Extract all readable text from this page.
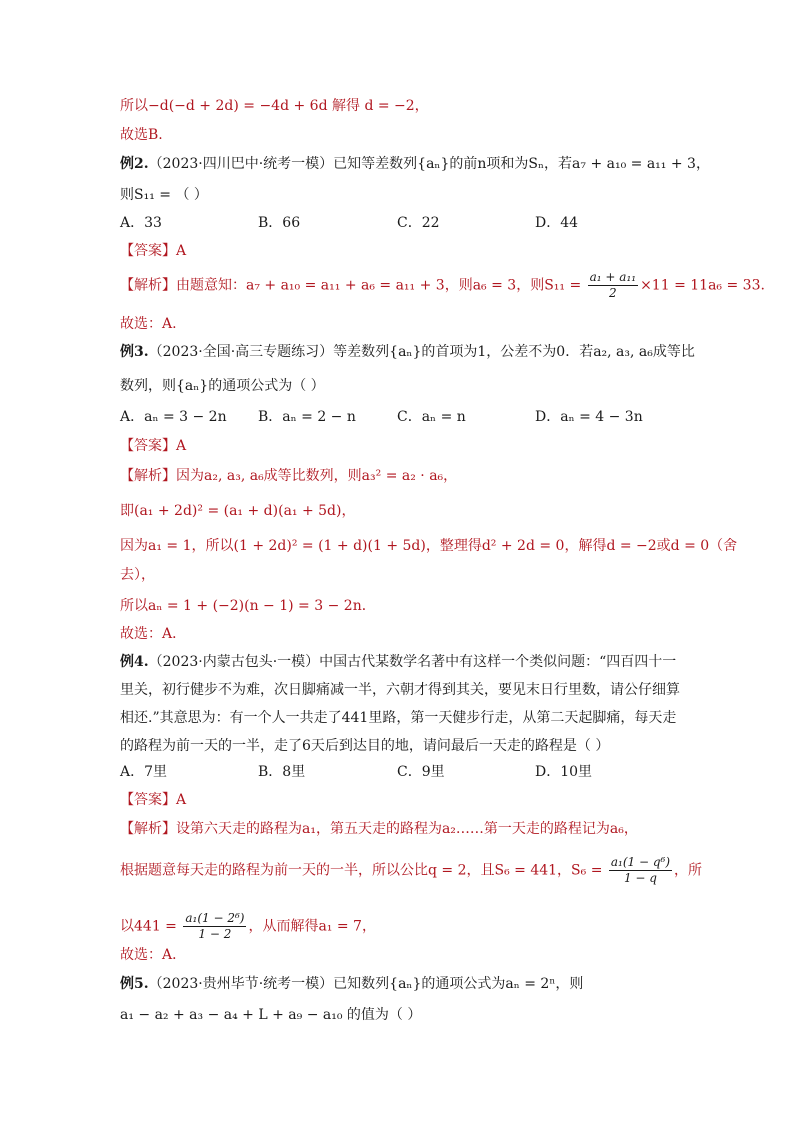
所以−d(−d + 2d) = −4d + 6d 解得 d = −2，
故选B.
例2.（2023·四川巴中·统考一模）已知等差数列{aₙ}的前n项和为Sₙ，若a₇ + a₁₀ = a₁₁ + 3，
则S₁₁ = （ ）
A．33	B．66	C．22	D．44
【答案】A
【解析】由题意知：a₇ + a₁₀ = a₁₁ + a₆ = a₁₁ + 3，则a₆ = 3，则$S_{11} = \frac{\text{a₁ + a₁₁}}{2} \times 11 = 11a_6 = 33$.
故选：A.
例3.（2023·全国·高三专题练习）等差数列{aₙ}的首项为1，公差不为0．若a₂, a₃, a₆成等比
数列，则{aₙ}的通项公式为（ ）
A．aₙ = 3 − 2n B．aₙ = 2 − n	C．aₙ = n	D．aₙ = 4 − 3n
【答案】A
【解析】因为a₂, a₃, a₆成等比数列，则a₃² = a₂ · a₆，
即(a₁ + 2d)² = (a₁ + d)(a₁ + 5d)，
因为a₁ = 1，所以(1 + 2d)² = (1 + d)(1 + 5d)，整理得d² + 2d = 0，解得d = −2或d = 0（舍
去），
所以aₙ = 1 + (−2)(n − 1) = 3 − 2n．
故选：A．
例4.（2023·内蒙古包头·一模）中国古代某数学名著中有这样一个类似问题：“四百四十一
里关，初行健步不为难，次日脚痛减一半，六朝才得到其关，要见末日行里数，请公仔细算
相还.”其意思为：有一个人一共走了441里路，第一天健步行走，从第二天起脚痛，每天走
的路程为前一天的一半，走了6天后到达目的地，请问最后一天走的路程是（ ）
A．7里	B．8里	C．9里	D．10里
【答案】A
【解析】设第六天走的路程为a₁，第五天走的路程为a₂……第一天走的路程记为a₆，
根据题意每天走的路程为前一天的一半，所以公比q = 2，且S₆ = 441，$S_6 = \frac{\text{a₁(1 − q⁶)}}{1 - q}$ ，所
以$441 = \frac{\text{a₁(1 − 2⁶)}}{1 - 2}$ ，从而解得a₁ = 7，
故选：A．
例5.（2023·贵州毕节·统考一模）已知数列{aₙ}的通项公式为aₙ = 2ⁿ，则
a₁ − a₂ + a₃ − a₄ + L + a₉ − a₁₀ 的值为（ ）
